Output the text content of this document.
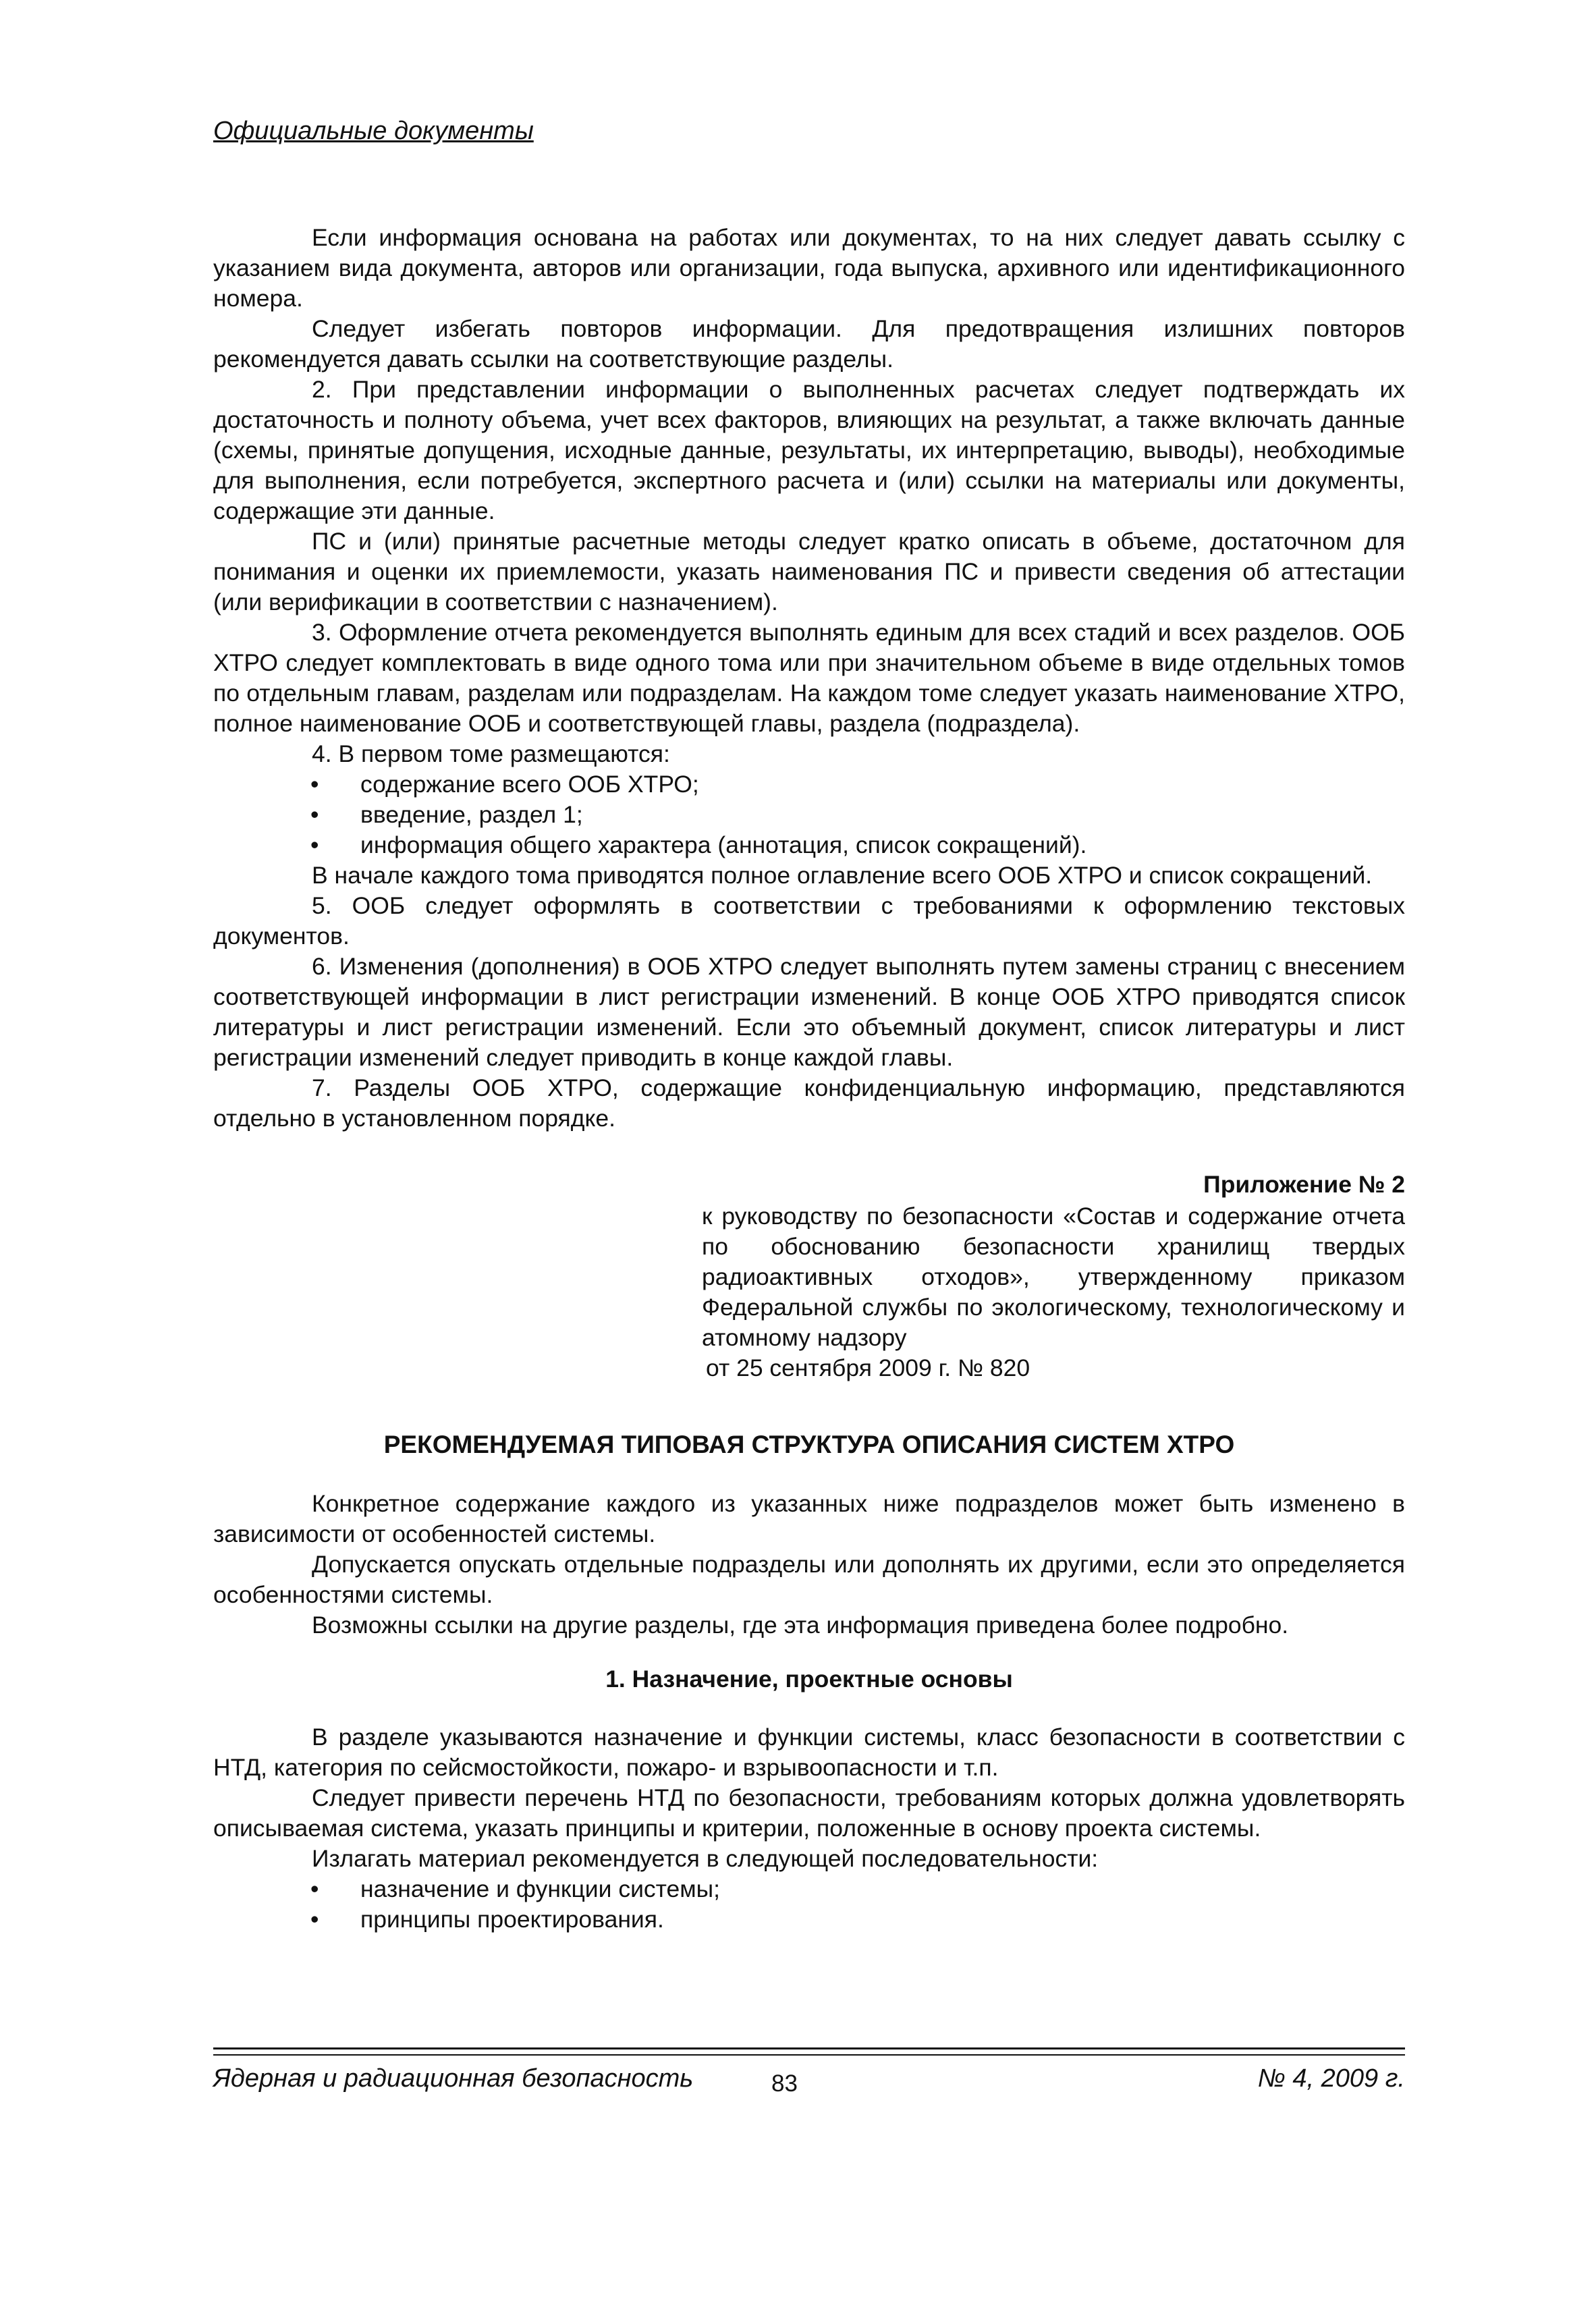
Официальные документы

Если информация основана на работах или документах, то на них следует давать ссылку с указанием вида документа, авторов или организации, года выпуска, архивного или идентификационного номера.

Следует избегать повторов информации. Для предотвращения излишних повторов рекомендуется давать ссылки на соответствующие разделы.

2. При представлении информации о выполненных расчетах следует подтверждать их достаточность и полноту объема, учет всех факторов, влияющих на результат, а также включать данные (схемы, принятые допущения, исходные данные, результаты, их интерпретацию, выводы), необходимые для выполнения, если потребуется, экспертного расчета и (или) ссылки на материалы или документы, содержащие эти данные.

ПС и (или) принятые расчетные методы следует кратко описать в объеме, достаточном для понимания и оценки их приемлемости, указать наименования ПС и привести сведения об аттестации (или верификации в соответствии с назначением).

3. Оформление отчета рекомендуется выполнять единым для всех стадий и всех разделов. ООБ ХТРО следует комплектовать в виде одного тома или при значительном объеме в виде отдельных томов по отдельным главам, разделам или подразделам. На каждом томе следует указать наименование ХТРО, полное наименование ООБ и соответствующей главы, раздела (подраздела).

4. В первом томе размещаются:

• содержание всего ООБ ХТРО;
• введение, раздел 1;
• информация общего характера (аннотация, список сокращений).

В начале каждого тома приводятся полное оглавление всего ООБ ХТРО и список сокращений.

5. ООБ следует оформлять в соответствии с требованиями к оформлению текстовых документов.

6. Изменения (дополнения) в ООБ ХТРО следует выполнять путем замены страниц с внесением соответствующей информации в лист регистрации изменений. В конце ООБ ХТРО приводятся список литературы и лист регистрации изменений. Если это объемный документ, список литературы и лист регистрации изменений следует приводить в конце каждой главы.

7. Разделы ООБ ХТРО, содержащие конфиденциальную информацию, представляются отдельно в установленном порядке.

Приложение № 2
к руководству по безопасности «Состав и содержание отчета по обоснованию безопасности хранилищ твердых радиоактивных отходов», утвержденному приказом Федеральной службы по экологическому, технологическому и атомному надзору
от 25 сентября 2009 г. № 820
РЕКОМЕНДУЕМАЯ ТИПОВАЯ СТРУКТУРА ОПИСАНИЯ СИСТЕМ ХТРО

Конкретное содержание каждого из указанных ниже подразделов может быть изменено в зависимости от особенностей системы.

Допускается опускать отдельные подразделы или дополнять их другими, если это определяется особенностями системы.

Возможны ссылки на другие разделы, где эта информация приведена более подробно.

1. Назначение, проектные основы

В разделе указываются назначение и функции системы, класс безопасности в соответствии с НТД, категория по сейсмостойкости, пожаро- и взрывоопасности и т.п.

Следует привести перечень НТД по безопасности, требованиям которых должна удовлетворять описываемая система, указать принципы и критерии, положенные в основу проекта системы.

Излагать материал рекомендуется в следующей последовательности:

• назначение и функции системы;
• принципы проектирования.
Ядерная и радиационная безопасность	83	№ 4, 2009 г.
